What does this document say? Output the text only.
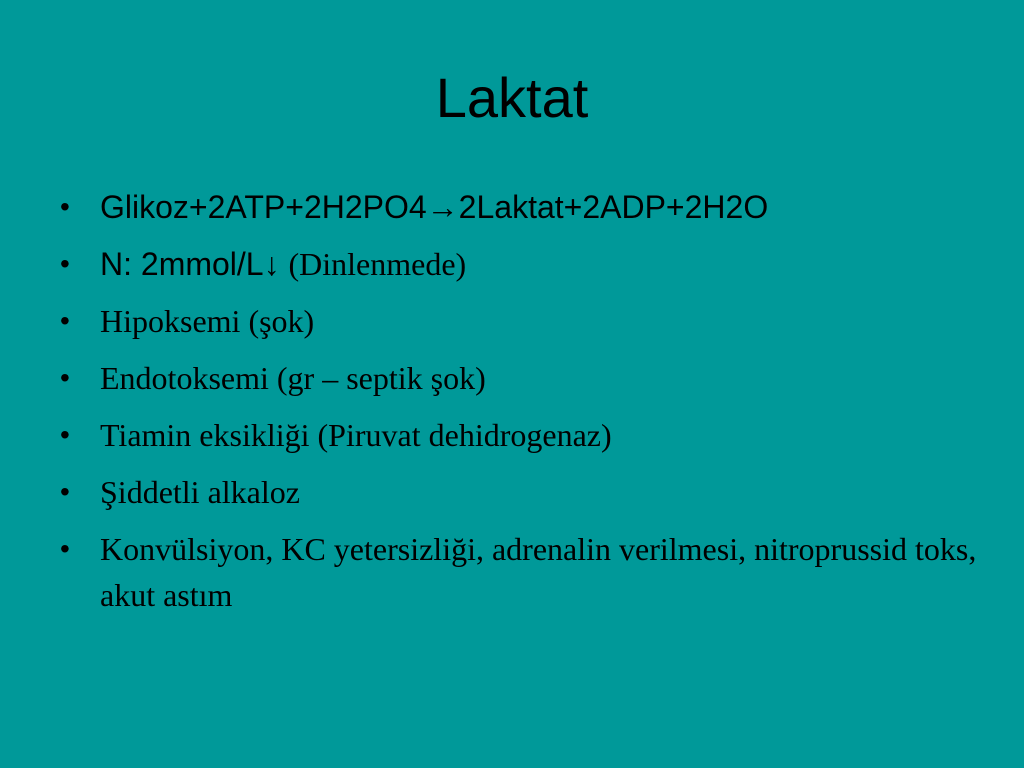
Laktat
• Glikoz+2ATP+2H2PO4→2Laktat+2ADP+2H2O
• N: 2mmol/L↓ (Dinlenmede)
• Hipoksemi (şok)
• Endotoksemi (gr – septik şok)
• Tiamin eksikliği (Piruvat dehidrogenaz)
• Şiddetli alkaloz
• Konvülsiyon, KC yetersizliği, adrenalin verilmesi, nitroprussid toks, akut astım
